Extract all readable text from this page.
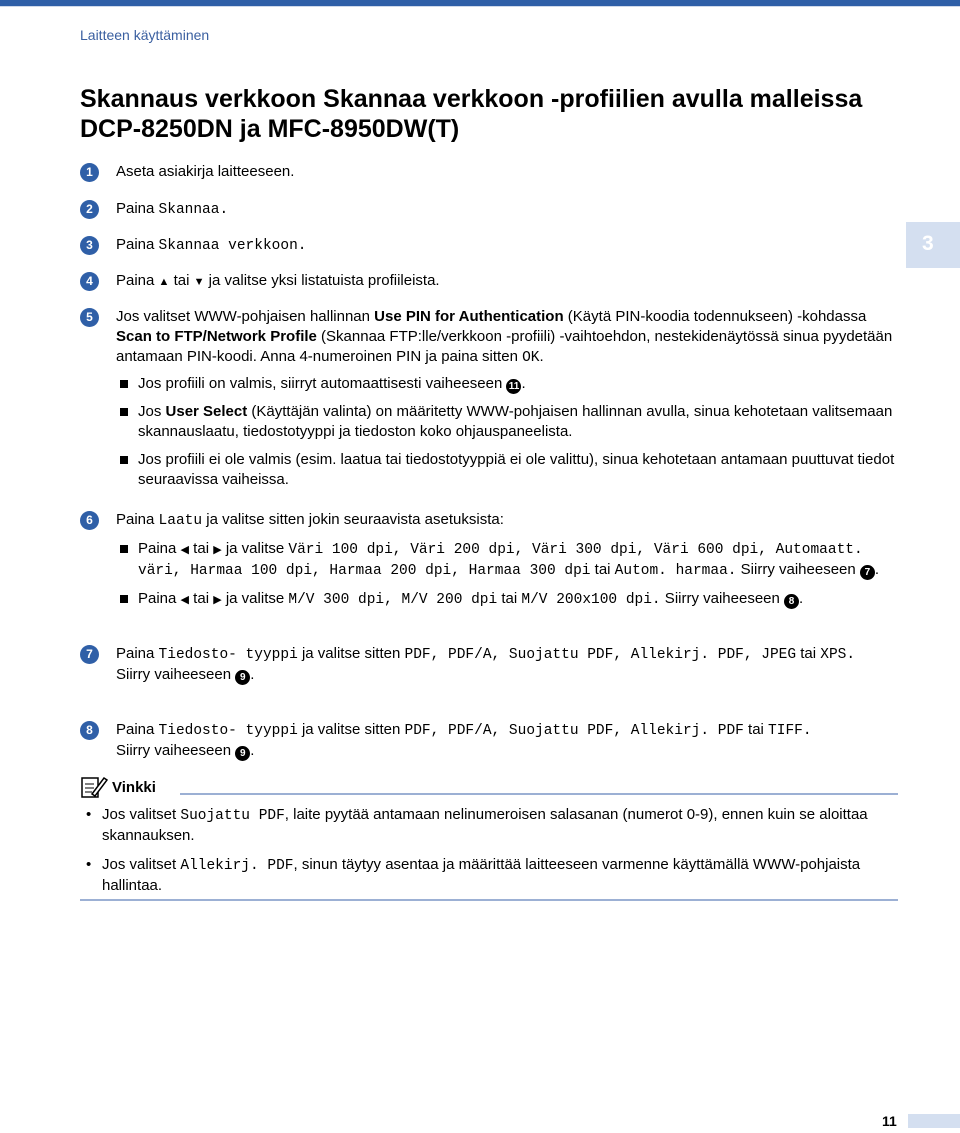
Laitteen käyttäminen
Skannaus verkkoon Skannaa verkkoon -profiilien avulla malleissa DCP-8250DN ja MFC-8950DW(T)
3
1	Aseta asiakirja laitteeseen.
2	Paina Skannaa.
3	Paina Skannaa verkkoon.
4	Paina ▲ tai ▼ ja valitse yksi listatuista profiileista.
5	Jos valitset WWW-pohjaisen hallinnan Use PIN for Authentication (Käytä PIN-koodia todennukseen) -kohdassa Scan to FTP/Network Profile (Skannaa FTP:lle/verkkoon -profiili) -vaihtoehdon, nestekidenäytössä sinua pyydetään antamaan PIN-koodi. Anna 4-numeroinen PIN ja paina sitten OK.
Jos profiili on valmis, siirryt automaattisesti vaiheeseen 11 .
Jos User Select (Käyttäjän valinta) on määritetty WWW-pohjaisen hallinnan avulla, sinua kehotetaan valitsemaan skannauslaatu, tiedostotyyppi ja tiedoston koko ohjauspaneelista.
Jos profiili ei ole valmis (esim. laatua tai tiedostotyyppiä ei ole valittu), sinua kehotetaan antamaan puuttuvat tiedot seuraavissa vaiheissa.
6	Paina Laatu ja valitse sitten jokin seuraavista asetuksista:
Paina ◀ tai ▶ ja valitse Väri 100 dpi, Väri 200 dpi, Väri 300 dpi, Väri 600 dpi, Automaatt. väri, Harmaa 100 dpi, Harmaa 200 dpi, Harmaa 300 dpi tai Autom. harmaa. Siirry vaiheeseen 7 .
Paina ◀ tai ▶ ja valitse M/V 300 dpi, M/V 200 dpi tai M/V 200x100 dpi. Siirry vaiheeseen 8 .
7	Paina Tiedosto- tyyppi ja valitse sitten PDF, PDF/A, Suojattu PDF, Allekirj. PDF, JPEG tai XPS.
Siirry vaiheeseen 9 .
8	Paina Tiedosto- tyyppi ja valitse sitten PDF, PDF/A, Suojattu PDF, Allekirj. PDF tai TIFF.
Siirry vaiheeseen 9 .
Vinkki
• Jos valitset Suojattu PDF, laite pyytää antamaan nelinumeroisen salasanan (numerot 0-9), ennen kuin se aloittaa skannauksen.
• Jos valitset Allekirj. PDF, sinun täytyy asentaa ja määrittää laitteeseen varmenne käyttämällä WWW-pohjaista hallintaa.
11
